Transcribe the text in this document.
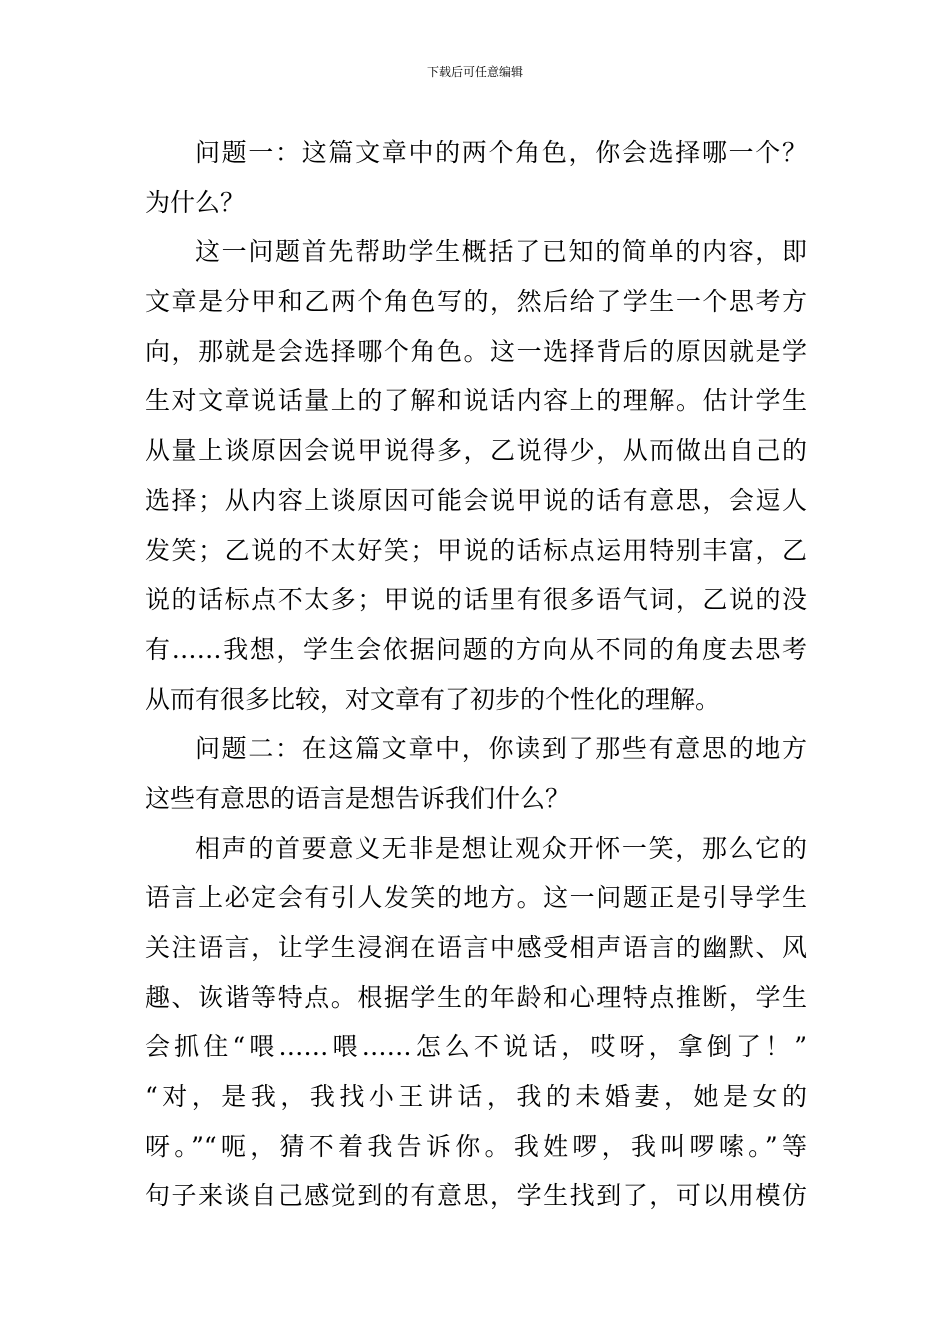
下载后可任意编辑

问题一：这篇文章中的两个角色，你会选择哪一个？
为什么？

这一问题首先帮助学生概括了已知的简单的内容，即
文章是分甲和乙两个角色写的，然后给了学生一个思考方
向，那就是会选择哪个角色。这一选择背后的原因就是学
生对文章说话量上的了解和说话内容上的理解。估计学生
从量上谈原因会说甲说得多，乙说得少，从而做出自己的
选择；从内容上谈原因可能会说甲说的话有意思，会逗人
发笑；乙说的不太好笑；甲说的话标点运用特别丰富，乙
说的话标点不太多；甲说的话里有很多语气词，乙说的没
有……我想，学生会依据问题的方向从不同的角度去思考
从而有很多比较，对文章有了初步的个性化的理解。

问题二：在这篇文章中，你读到了那些有意思的地方
这些有意思的语言是想告诉我们什么？

相声的首要意义无非是想让观众开怀一笑，那么它的
语言上必定会有引人发笑的地方。这一问题正是引导学生
关注语言，让学生浸润在语言中感受相声语言的幽默、风
趣、诙谐等特点。根据学生的年龄和心理特点推断，学生
会抓住“喂……喂……怎么不说话，哎呀，拿倒了！”
“对，是我，我找小王讲话，我的未婚妻，她是女的
呀。”“呃，猜不着我告诉你。我姓啰，我叫啰嗦。”等
句子来谈自己感觉到的有意思，学生找到了，可以用模仿
